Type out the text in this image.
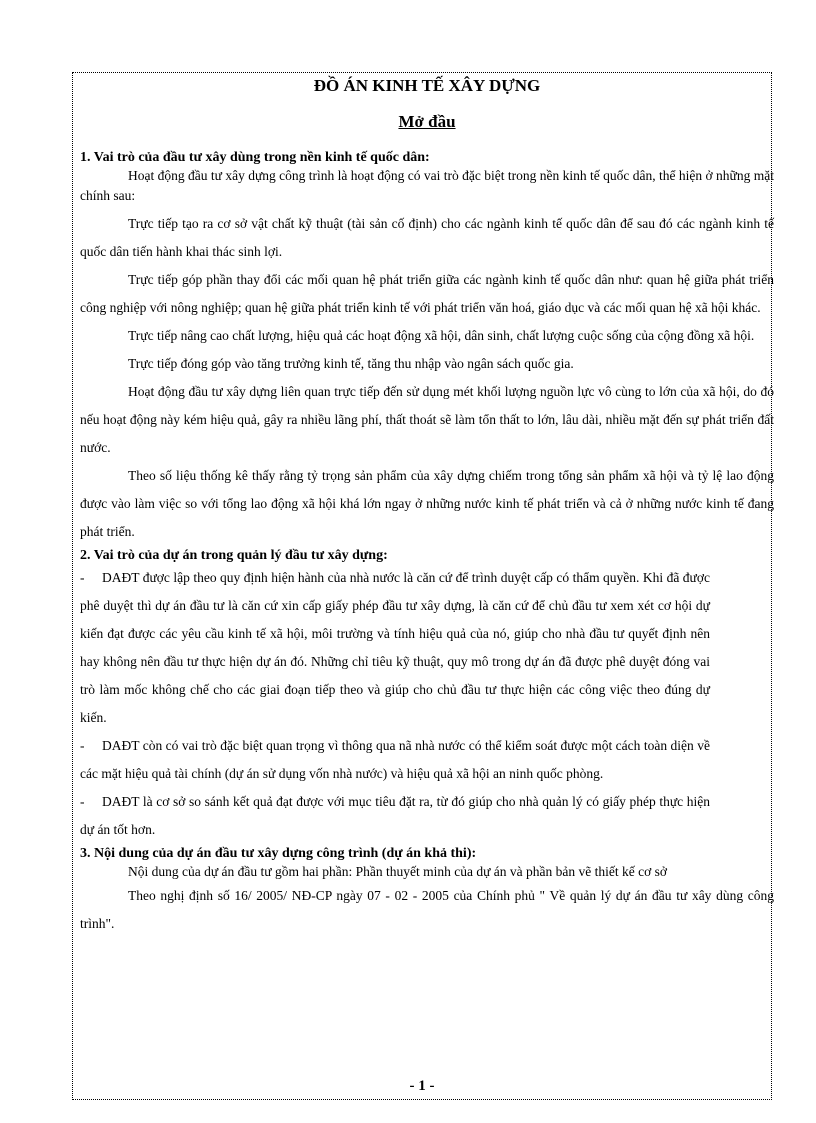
ĐỒ ÁN KINH TẾ XÂY DỰNG
Mở đầu

1. Vai trò của đầu tư xây dùng trong nền kinh tế quốc dân:

Hoạt động đầu tư xây dựng công trình là hoạt động có vai trò đặc biệt trong nền kinh tế quốc dân, thể hiện ở những mặt chính sau:

Trực tiếp tạo ra cơ sở vật chất kỹ thuật (tài sản cố định) cho các ngành kinh tế quốc dân để sau đó các ngành kinh tế quốc dân tiến hành khai thác sinh lợi.

Trực tiếp góp phần thay đổi các mối quan hệ phát triển giữa các ngành kinh tế quốc dân như: quan hệ giữa phát triển công nghiệp với nông nghiệp; quan hệ giữa phát triển kinh tế với phát triển văn hoá, giáo dục và các mối quan hệ xã hội khác.

Trực tiếp nâng cao chất lượng, hiệu quả các hoạt động xã hội, dân sinh, chất lượng cuộc sống của cộng đồng xã hội.

Trực tiếp đóng góp vào tăng trưởng kinh tế, tăng thu nhập vào ngân sách quốc gia.

Hoạt động đầu tư xây dựng liên quan trực tiếp đến sử dụng mét khối lượng nguồn lực vô cùng to lớn của xã hội, do đó nếu hoạt động này kém hiệu quả, gây ra nhiều lãng phí, thất thoát sẽ làm tổn thất to lớn, lâu dài, nhiều mặt đến sự phát triển đất nước.

Theo số liệu thống kê thấy rằng tỷ trọng sản phẩm của xây dựng chiếm trong tổng sản phẩm xã hội và tỷ lệ lao động được vào làm việc so với tổng lao động xã hội khá lớn ngay ở những nước kinh tế phát triển và cả ở những nước kinh tế đang phát triển.

2. Vai trò của dự án trong quản lý đầu tư xây dựng:

- DAĐT được lập theo quy định hiện hành của nhà nước là căn cứ để trình duyệt cấp có thẩm quyền. Khi đã được phê duyệt thì dự án đầu tư là căn cứ xin cấp giấy phép đầu tư xây dựng, là căn cứ để chủ đầu tư xem xét cơ hội dự kiến đạt được các yêu cầu kinh tế xã hội, môi trường và tính hiệu quả của nó, giúp cho nhà đầu tư quyết định nên hay không nên đầu tư thực hiện dự án đó. Những chỉ tiêu kỹ thuật, quy mô trong dự án đã được phê duyệt đóng vai trò làm mốc không chế cho các giai đoạn tiếp theo và giúp cho chủ đầu tư thực hiện các công việc theo đúng dự kiến.

- DAĐT còn có vai trò đặc biệt quan trọng vì thông qua nã nhà nước có thể kiểm soát được một cách toàn diện về các mặt hiệu quả tài chính (dự án sử dụng vốn nhà nước) và hiệu quả xã hội an ninh quốc phòng.

- DAĐT là cơ sở so sánh kết quả đạt được với mục tiêu đặt ra, từ đó giúp cho nhà quản lý có giấy phép thực hiện dự án tốt hơn.

3. Nội dung của dự án đầu tư xây dựng công trình (dự án khả thi):

Nội dung của dự án đầu tư gồm hai phần: Phần thuyết minh của dự án và phần bản vẽ thiết kế cơ sở

Theo nghị định số 16/ 2005/ NĐ-CP ngày 07 - 02 - 2005 của Chính phủ " Về quản lý dự án đầu tư xây dùng công trình".

- 1 -
